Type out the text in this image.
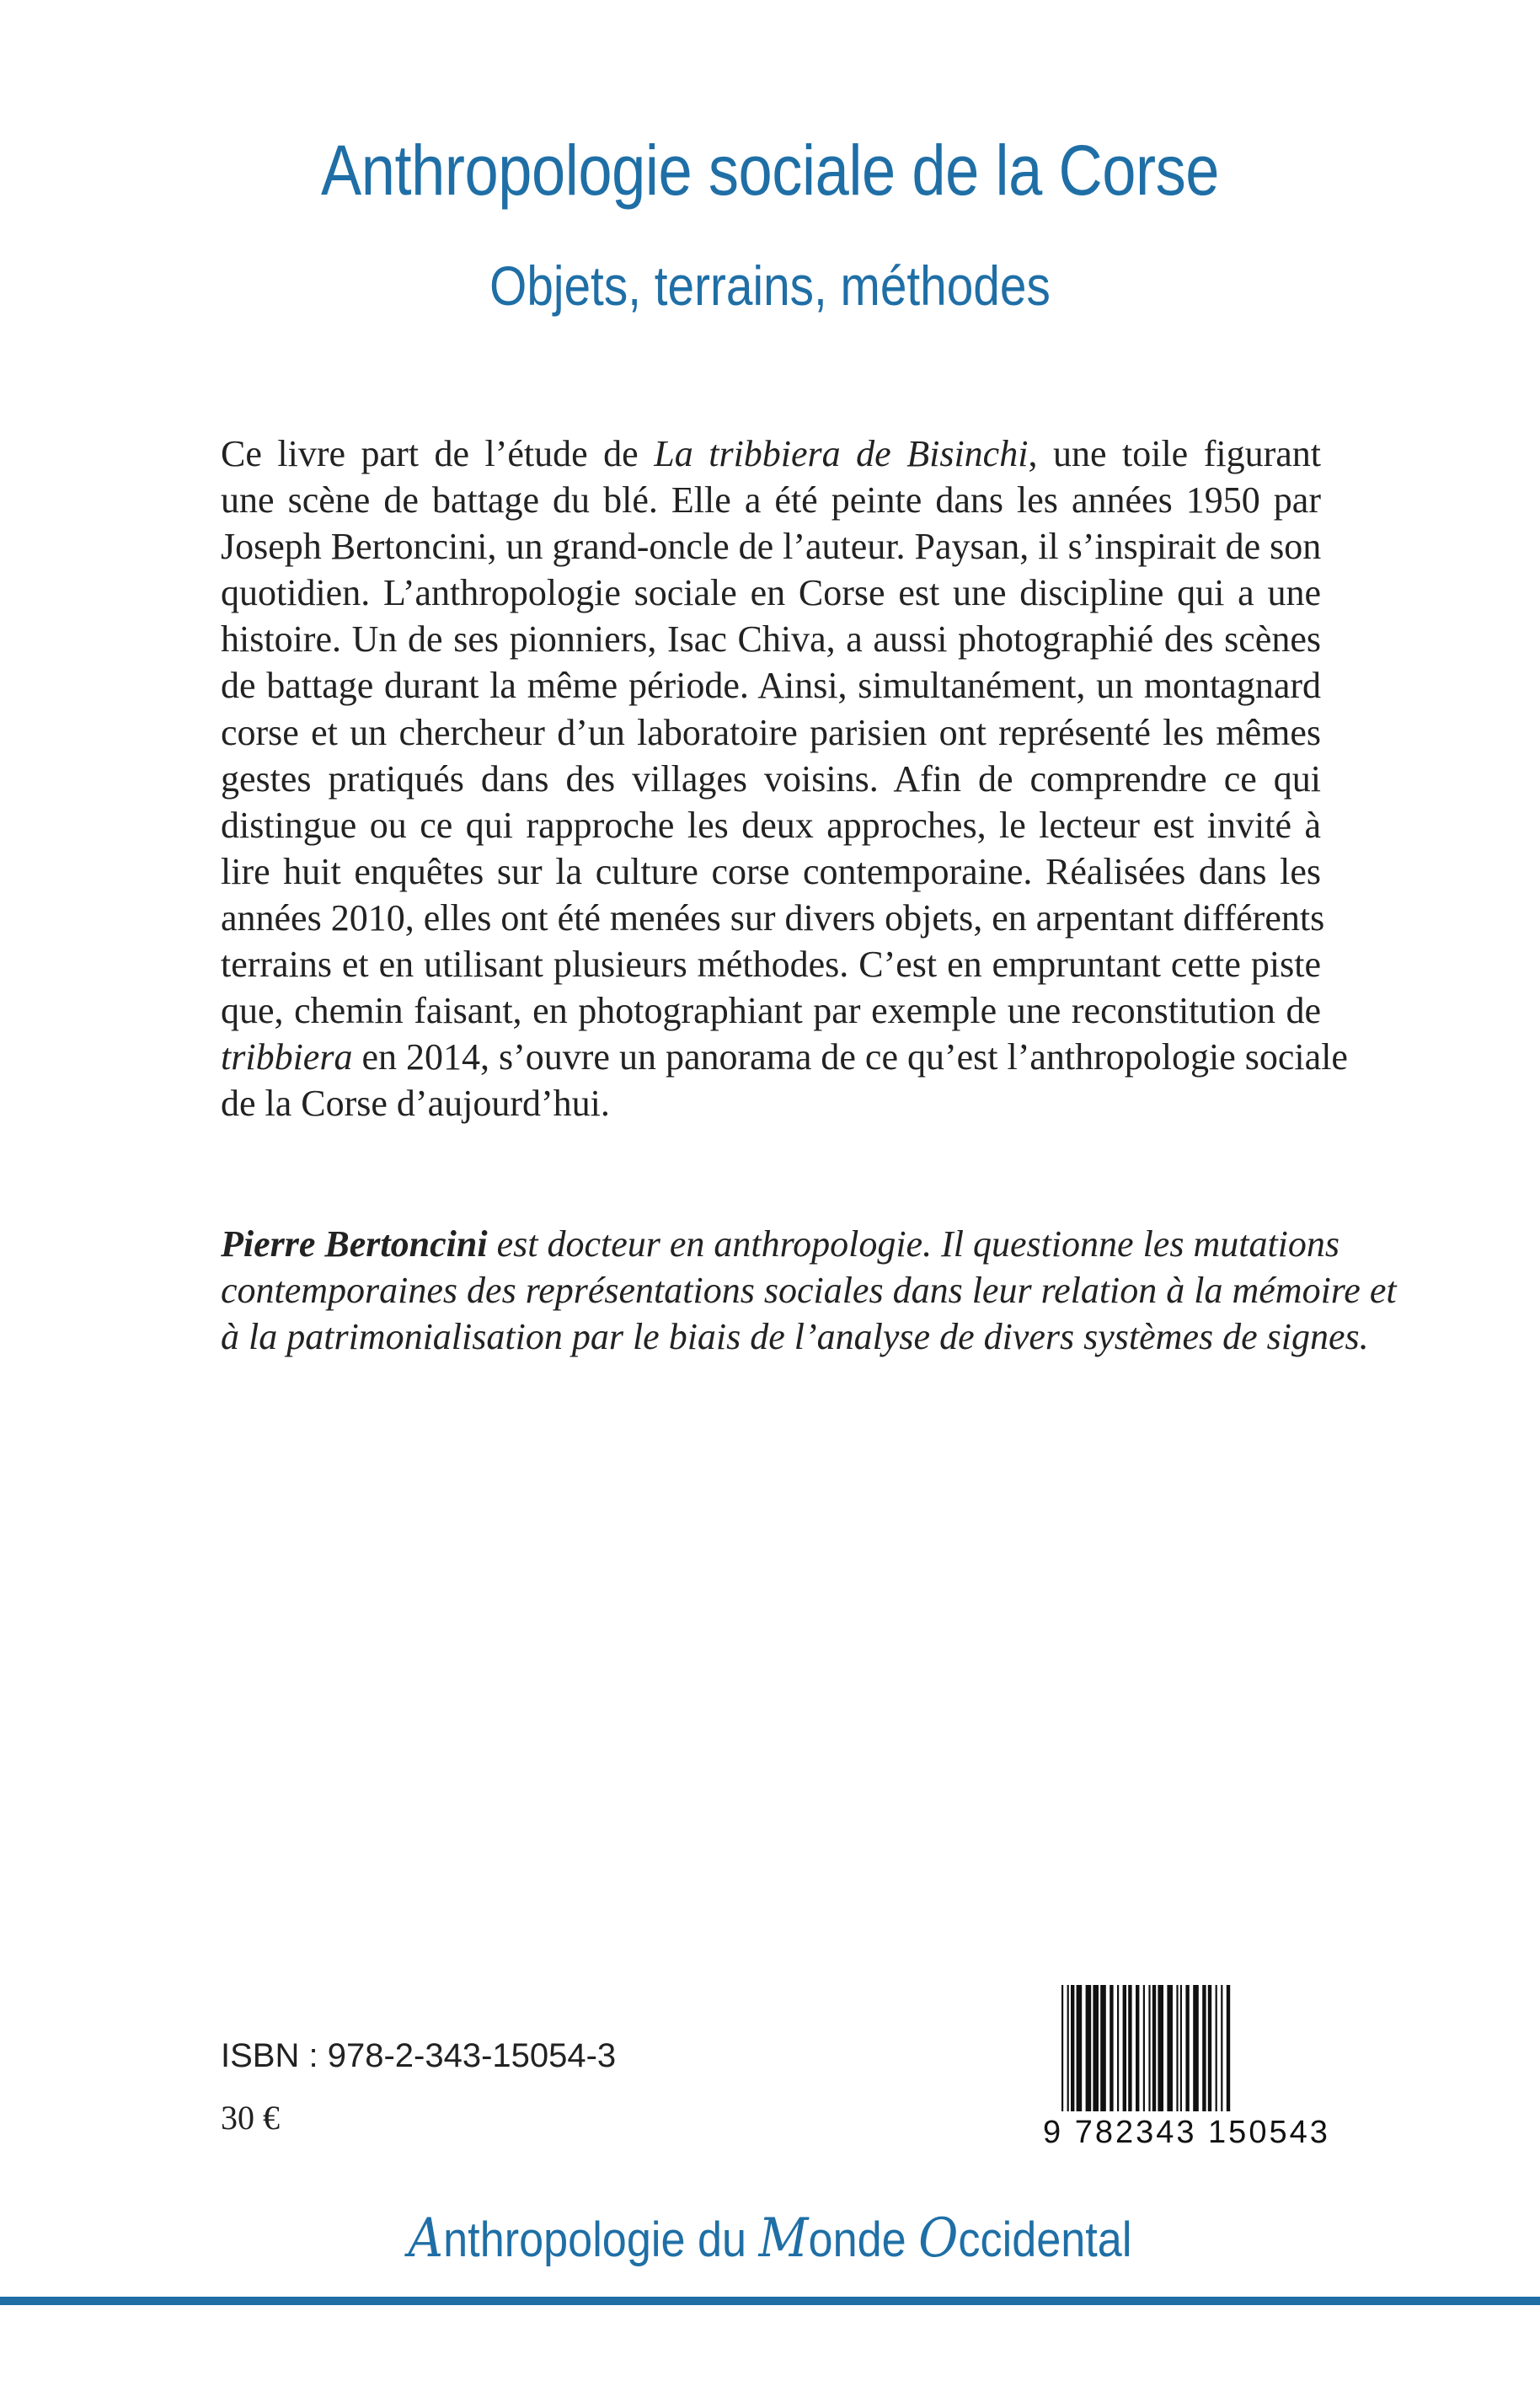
Anthropologie sociale de la Corse
Objets, terrains, méthodes
Ce livre part de l’étude de La tribbiera de Bisinchi, une toile figurant
une scène de battage du blé. Elle a été peinte dans les années 1950 par
Joseph Bertoncini, un grand-oncle de l’auteur. Paysan, il s’inspirait de son
quotidien. L’anthropologie sociale en Corse est une discipline qui a une
histoire. Un de ses pionniers, Isac Chiva, a aussi photographié des scènes
de battage durant la même période. Ainsi, simultanément, un montagnard
corse et un chercheur d’un laboratoire parisien ont représenté les mêmes
gestes pratiqués dans des villages voisins. Afin de comprendre ce qui
distingue ou ce qui rapproche les deux approches, le lecteur est invité à
lire huit enquêtes sur la culture corse contemporaine. Réalisées dans les
années 2010, elles ont été menées sur divers objets, en arpentant différents
terrains et en utilisant plusieurs méthodes. C’est en empruntant cette piste
que, chemin faisant, en photographiant par exemple une reconstitution de
tribbiera en 2014, s’ouvre un panorama de ce qu’est l’anthropologie sociale
de la Corse d’aujourd’hui.
Pierre Bertoncini est docteur en anthropologie. Il questionne les mutations
contemporaines des représentations sociales dans leur relation à la mémoire et
à la patrimonialisation par le biais de l’analyse de divers systèmes de signes.
ISBN : 978-2-343-15054-3
30 €	9 782343 150543
Anthropologie du Monde Occidental
